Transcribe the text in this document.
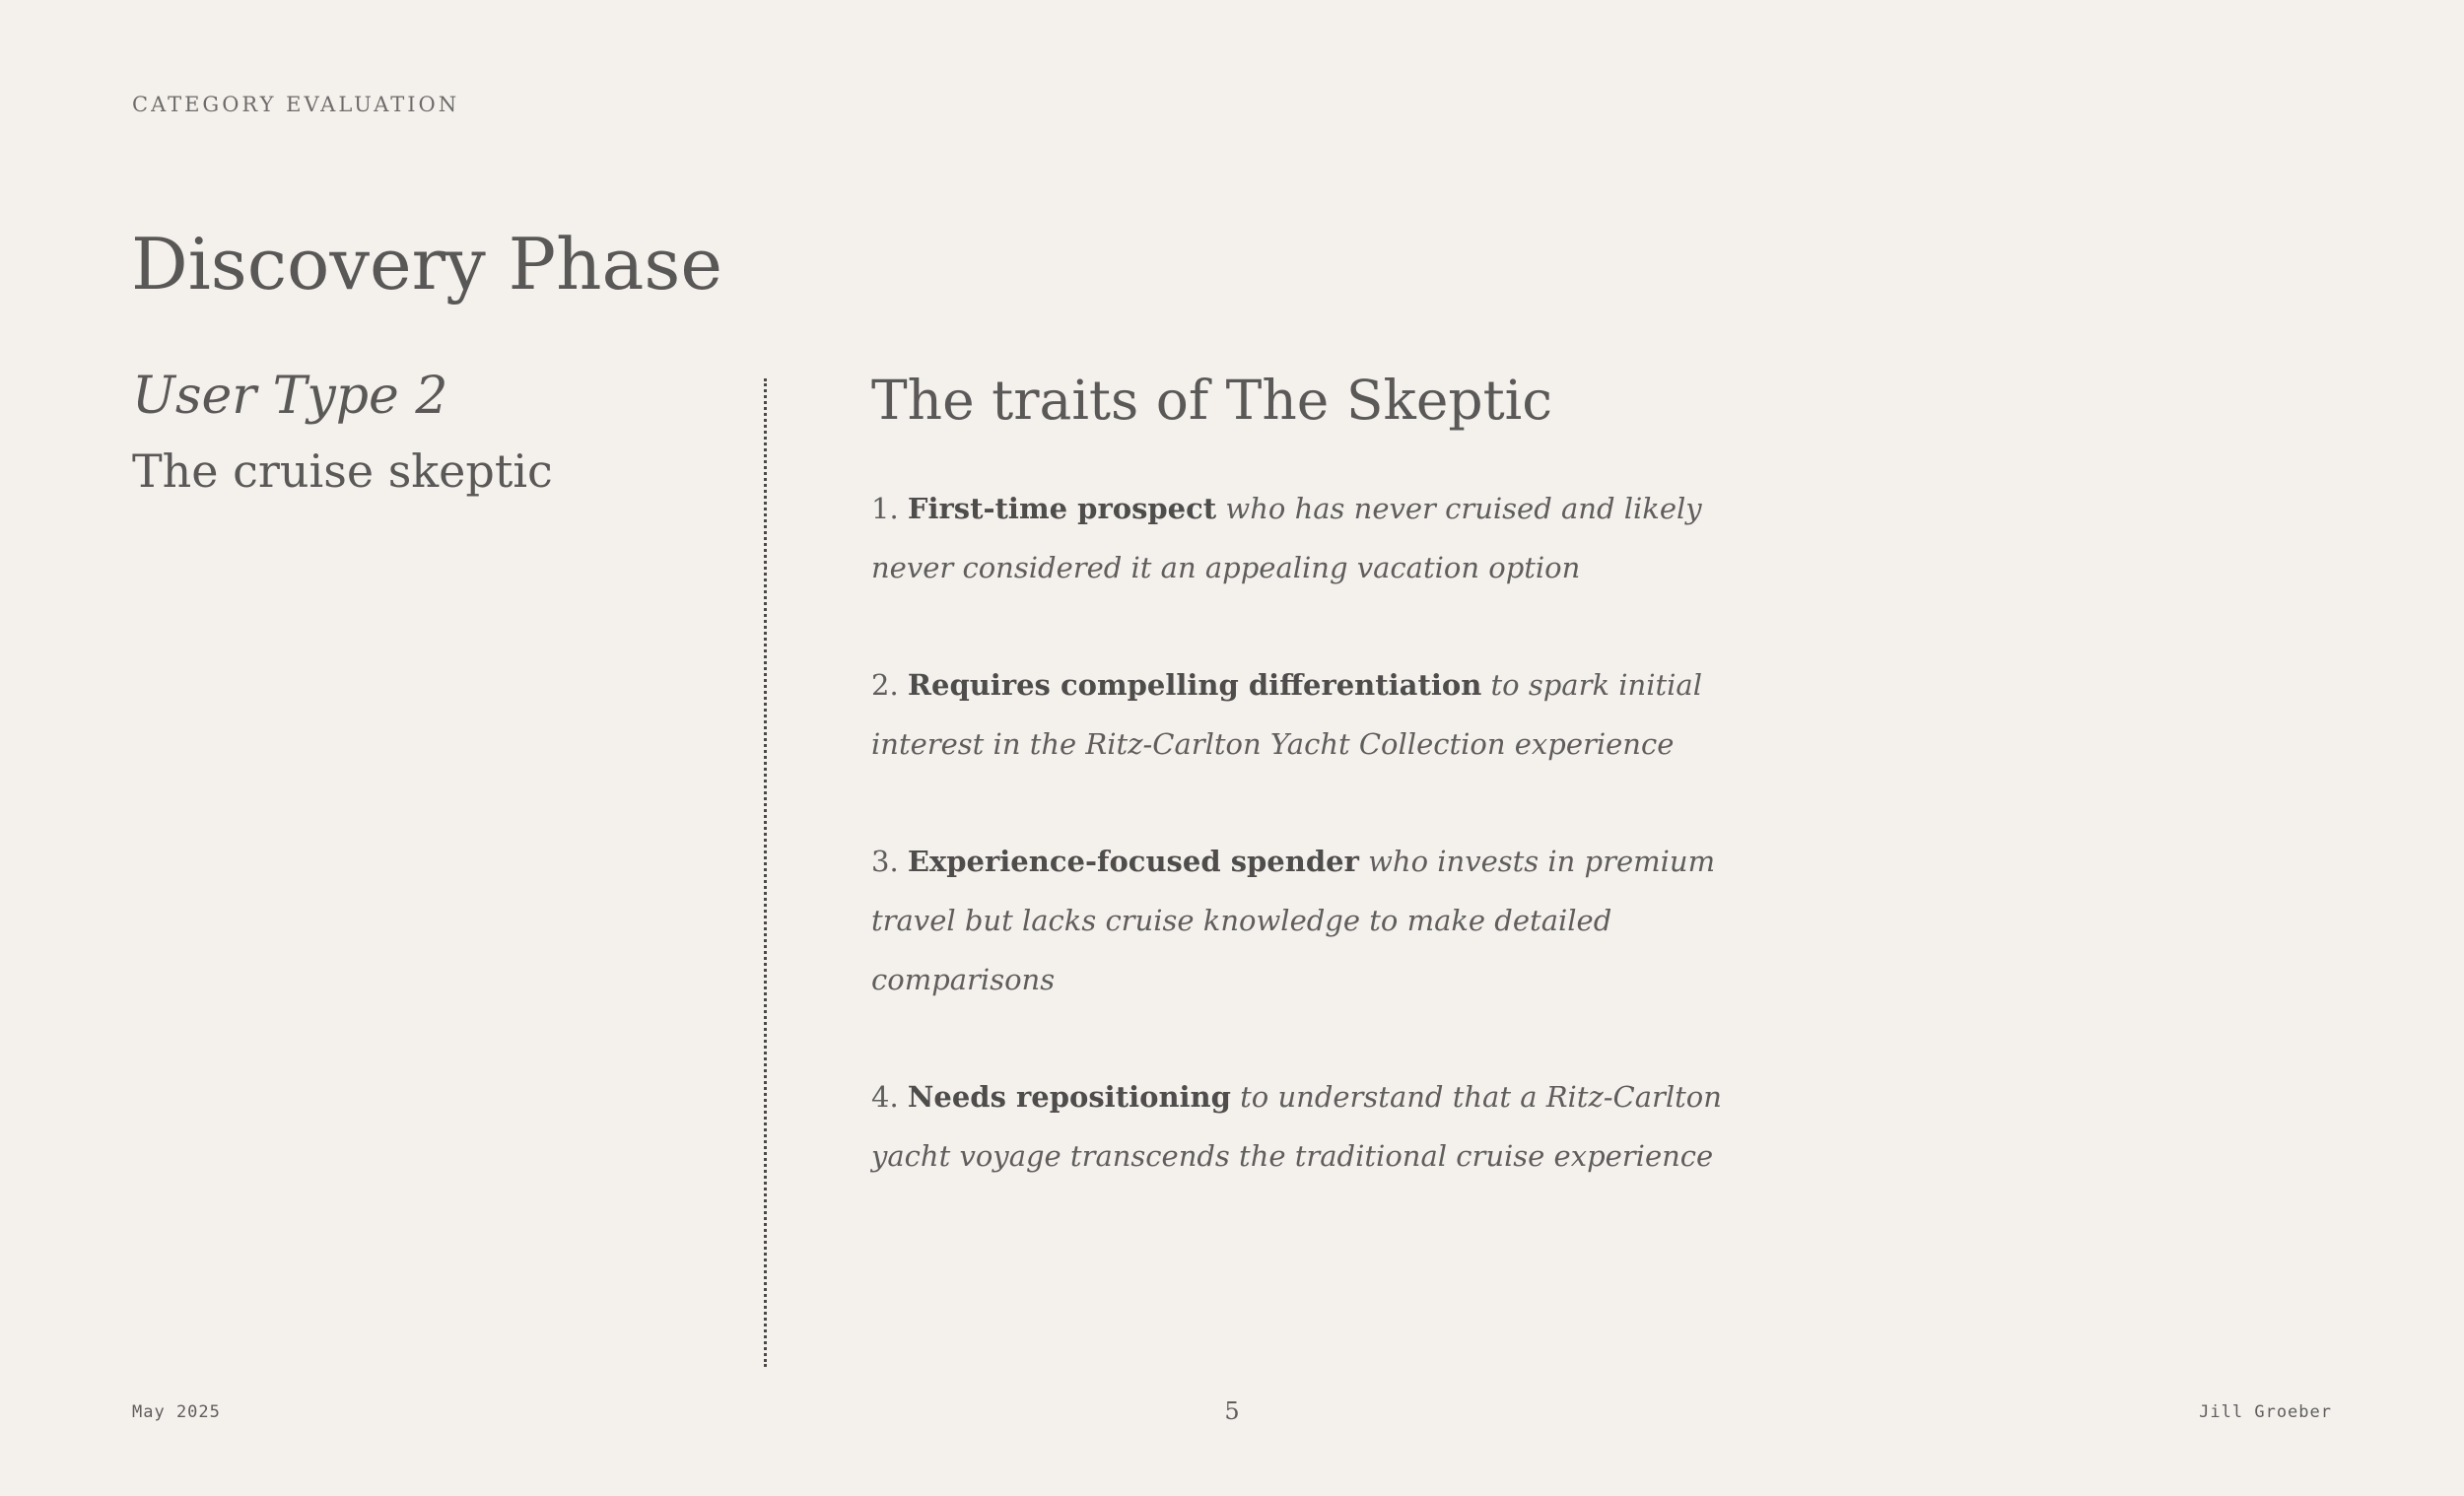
CATEGORY EVALUATION

Discovery Phase
User Type 2
The cruise skeptic
The traits of The Skeptic
1. First-time prospect who has never cruised and likely never considered it an appealing vacation option
2. Requires compelling differentiation to spark initial interest in the Ritz-Carlton Yacht Collection experience
3. Experience-focused spender who invests in premium travel but lacks cruise knowledge to make detailed comparisons
4. Needs repositioning to understand that a Ritz-Carlton yacht voyage transcends the traditional cruise experience

May 2025	5	Jill Groeber
